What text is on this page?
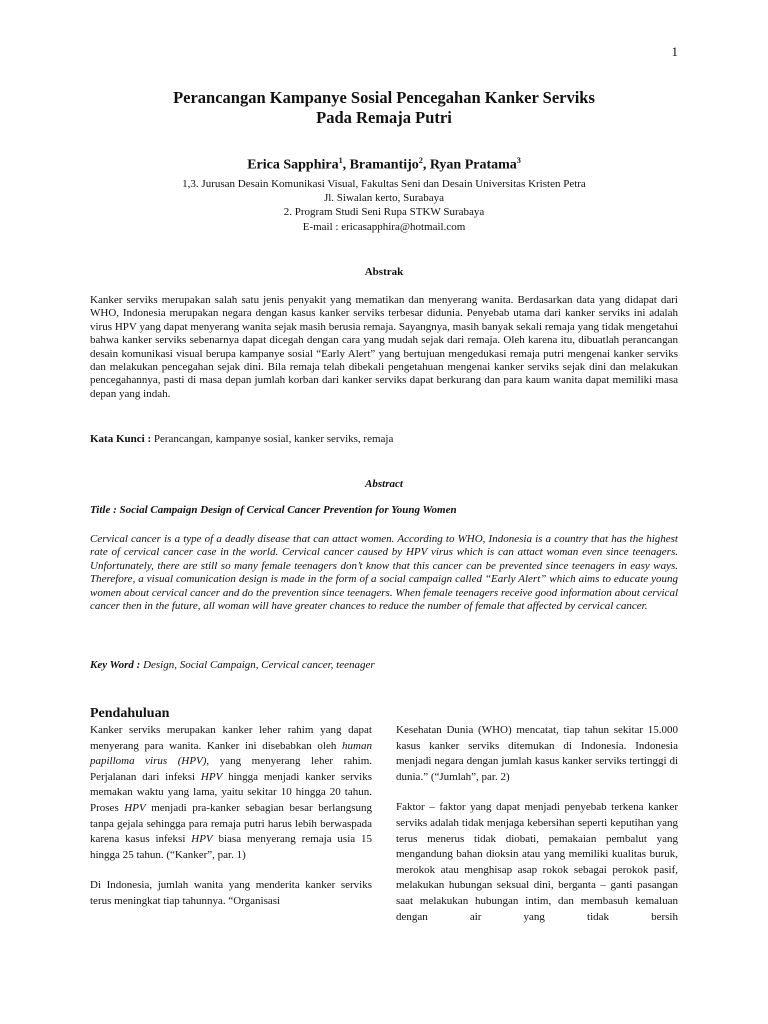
1
Perancangan Kampanye Sosial Pencegahan Kanker Serviks
Pada Remaja Putri
Erica Sapphira$^1$, Bramantijo$^2$, Ryan Pratama$^3$
1,3. Jurusan Desain Komunikasi Visual, Fakultas Seni dan Desain Universitas Kristen Petra
Jl. Siwalan kerto, Surabaya
2. Program Studi Seni Rupa STKW Surabaya
E-mail : ericasapphira@hotmail.com
Abstrak
Kanker serviks merupakan salah satu jenis penyakit yang mematikan dan menyerang wanita. Berdasarkan data yang didapat dari WHO, Indonesia merupakan negara dengan kasus kanker serviks terbesar didunia. Penyebab utama dari kanker serviks ini adalah virus HPV yang dapat menyerang wanita sejak masih berusia remaja. Sayangnya, masih banyak sekali remaja yang tidak mengetahui bahwa kanker serviks sebenarnya dapat dicegah dengan cara yang mudah sejak dari remaja. Oleh karena itu, dibuatlah perancangan desain komunikasi visual berupa kampanye sosial “Early Alert” yang bertujuan mengedukasi remaja putri mengenai kanker serviks dan melakukan pencegahan sejak dini. Bila remaja telah dibekali pengetahuan mengenai kanker serviks sejak dini dan melakukan pencegahannya, pasti di masa depan jumlah korban dari kanker serviks dapat berkurang dan para kaum wanita dapat memiliki masa depan yang indah.
Kata Kunci : Perancangan, kampanye sosial, kanker serviks, remaja
Abstract
Title : Social Campaign Design of Cervical Cancer Prevention for Young Women
Cervical cancer is a type of a deadly disease that can attact women. According to WHO, Indonesia is a country that has the highest rate of cervical cancer case in the world. Cervical cancer caused by HPV virus which is can attact woman even since teenagers. Unfortunately, there are still so many female teenagers don’t know that this cancer can be prevented since teenagers in easy ways. Therefore, a visual comunication design is made in the form of a social campaign called “Early Alert” which aims to educate young women about cervical cancer and do the prevention since teenagers. When female teenagers receive good information about cervical cancer then in the future, all woman will have greater chances to reduce the number of female that affected by cervical cancer.
Key Word : Design, Social Campaign, Cervical cancer, teenager
Pendahuluan

Kanker serviks merupakan kanker leher rahim yang dapat menyerang para wanita. Kanker ini disebabkan oleh human papilloma virus (HPV), yang menyerang leher rahim. Perjalanan dari infeksi HPV hingga menjadi kanker serviks memakan waktu yang lama, yaitu sekitar 10 hingga 20 tahun. Proses HPV menjadi pra-kanker sebagian besar berlangsung tanpa gejala sehingga para remaja putri harus lebih berwaspada karena kasus infeksi HPV biasa menyerang remaja usia 15 hingga 25 tahun. (“Kanker”, par. 1)

Di Indonesia, jumlah wanita yang menderita kanker serviks terus meningkat tiap tahunnya. “Organisasi

Kesehatan Dunia (WHO) mencatat, tiap tahun sekitar 15.000 kasus kanker serviks ditemukan di Indonesia. Indonesia menjadi negara dengan jumlah kasus kanker serviks tertinggi di dunia.” (“Jumlah”, par. 2)

Faktor – faktor yang dapat menjadi penyebab terkena kanker serviks adalah tidak menjaga kebersihan seperti keputihan yang terus menerus tidak diobati, pemakaian pembalut yang mengandung bahan dioksin atau yang memiliki kualitas buruk, merokok atau menghisap asap rokok sebagai perokok pasif, melakukan hubungan seksual dini, berganta – ganti pasangan saat melakukan hubungan intim, dan membasuh kemaluan dengan air yang tidak bersih
